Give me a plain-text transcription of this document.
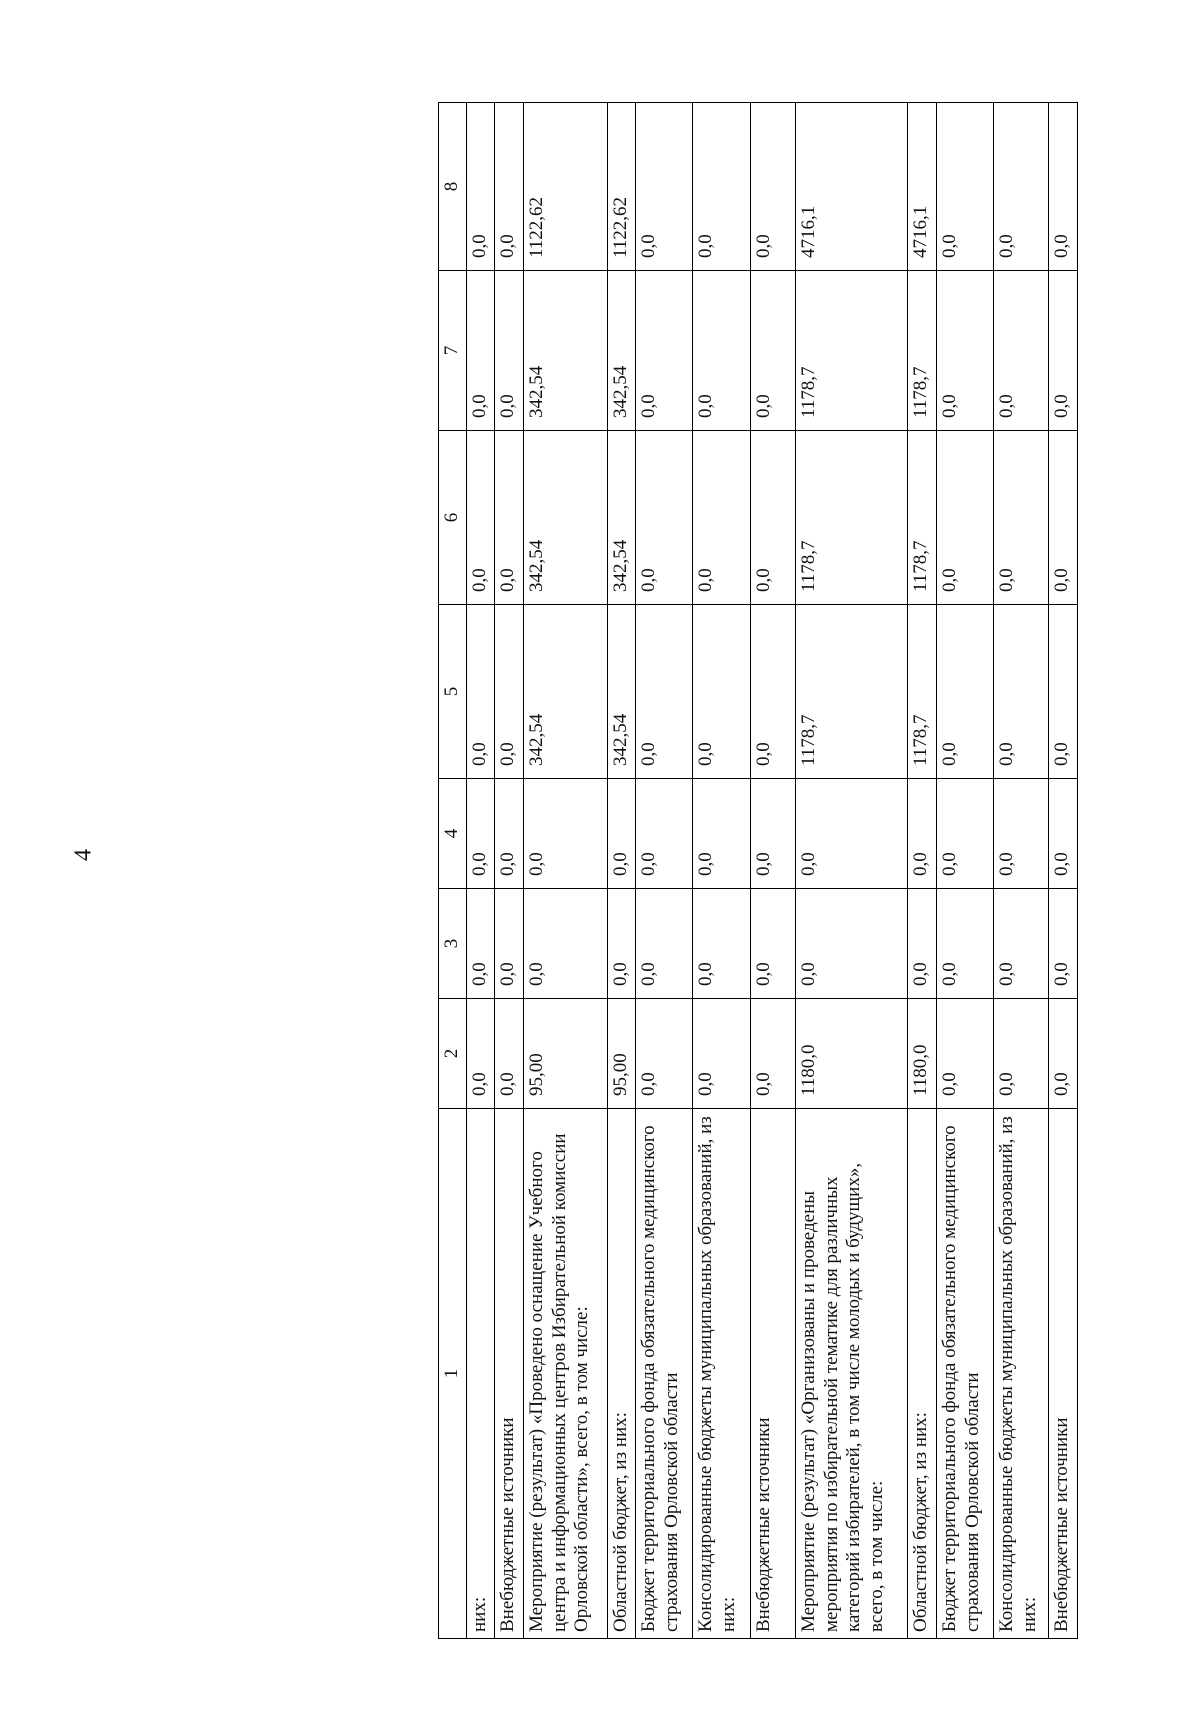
4
1	2	3	4	5	6	7	8
них:	0,0	0,0	0,0	0,0	0,0	0,0	0,0
Внебюджетные источники	0,0	0,0	0,0	0,0	0,0	0,0	0,0
Мероприятие (результат) «Проведено оснащение Учебного центра и информационных центров Избирательной комиссии Орловской области», всего, в том числе:	95,00	0,0	0,0	342,54	342,54	342,54	1122,62
Областной бюджет, из них:	95,00	0,0	0,0	342,54	342,54	342,54	1122,62
Бюджет территориального фонда обязательного медицинского страхования Орловской области	0,0	0,0	0,0	0,0	0,0	0,0	0,0
Консолидированные бюджеты муниципальных образований, из них:	0,0	0,0	0,0	0,0	0,0	0,0	0,0
Внебюджетные источники	0,0	0,0	0,0	0,0	0,0	0,0	0,0
Мероприятие (результат) «Организованы и проведены мероприятия по избирательной тематике для различных категорий избирателей, в том числе молодых и будущих», всего, в том числе:	1180,0	0,0	0,0	1178,7	1178,7	1178,7	4716,1
Областной бюджет, из них:	1180,0	0,0	0,0	1178,7	1178,7	1178,7	4716,1
Бюджет территориального фонда обязательного медицинского страхования Орловской области	0,0	0,0	0,0	0,0	0,0	0,0	0,0
Консолидированные бюджеты муниципальных образований, из них:	0,0	0,0	0,0	0,0	0,0	0,0	0,0
Внебюджетные источники	0,0	0,0	0,0	0,0	0,0	0,0	0,0
